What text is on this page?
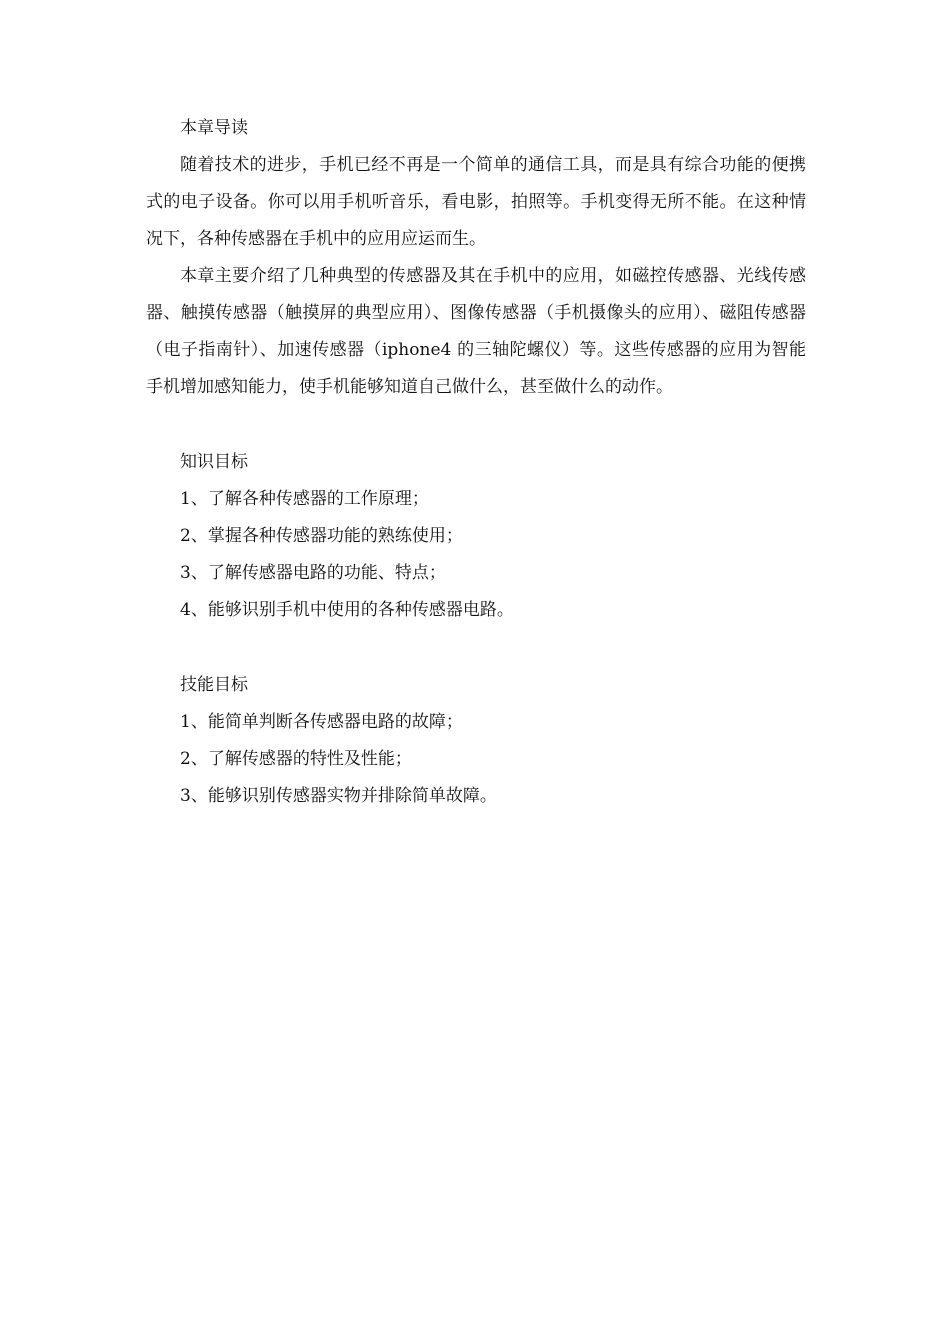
本章导读

随着技术的进步，手机已经不再是一个简单的通信工具，而是具有综合功能的便携式的电子设备。你可以用手机听音乐，看电影，拍照等。手机变得无所不能。在这种情况下，各种传感器在手机中的应用应运而生。

本章主要介绍了几种典型的传感器及其在手机中的应用，如磁控传感器、光线传感器、触摸传感器（触摸屏的典型应用）、图像传感器（手机摄像头的应用）、磁阻传感器（电子指南针）、加速传感器（iphone4 的三轴陀螺仪）等。这些传感器的应用为智能手机增加感知能力，使手机能够知道自己做什么，甚至做什么的动作。

知识目标

1、了解各种传感器的工作原理；

2、掌握各种传感器功能的熟练使用；

3、了解传感器电路的功能、特点；

4、能够识别手机中使用的各种传感器电路。

技能目标

1、能简单判断各传感器电路的故障；

2、了解传感器的特性及性能；

3、能够识别传感器实物并排除简单故障。
